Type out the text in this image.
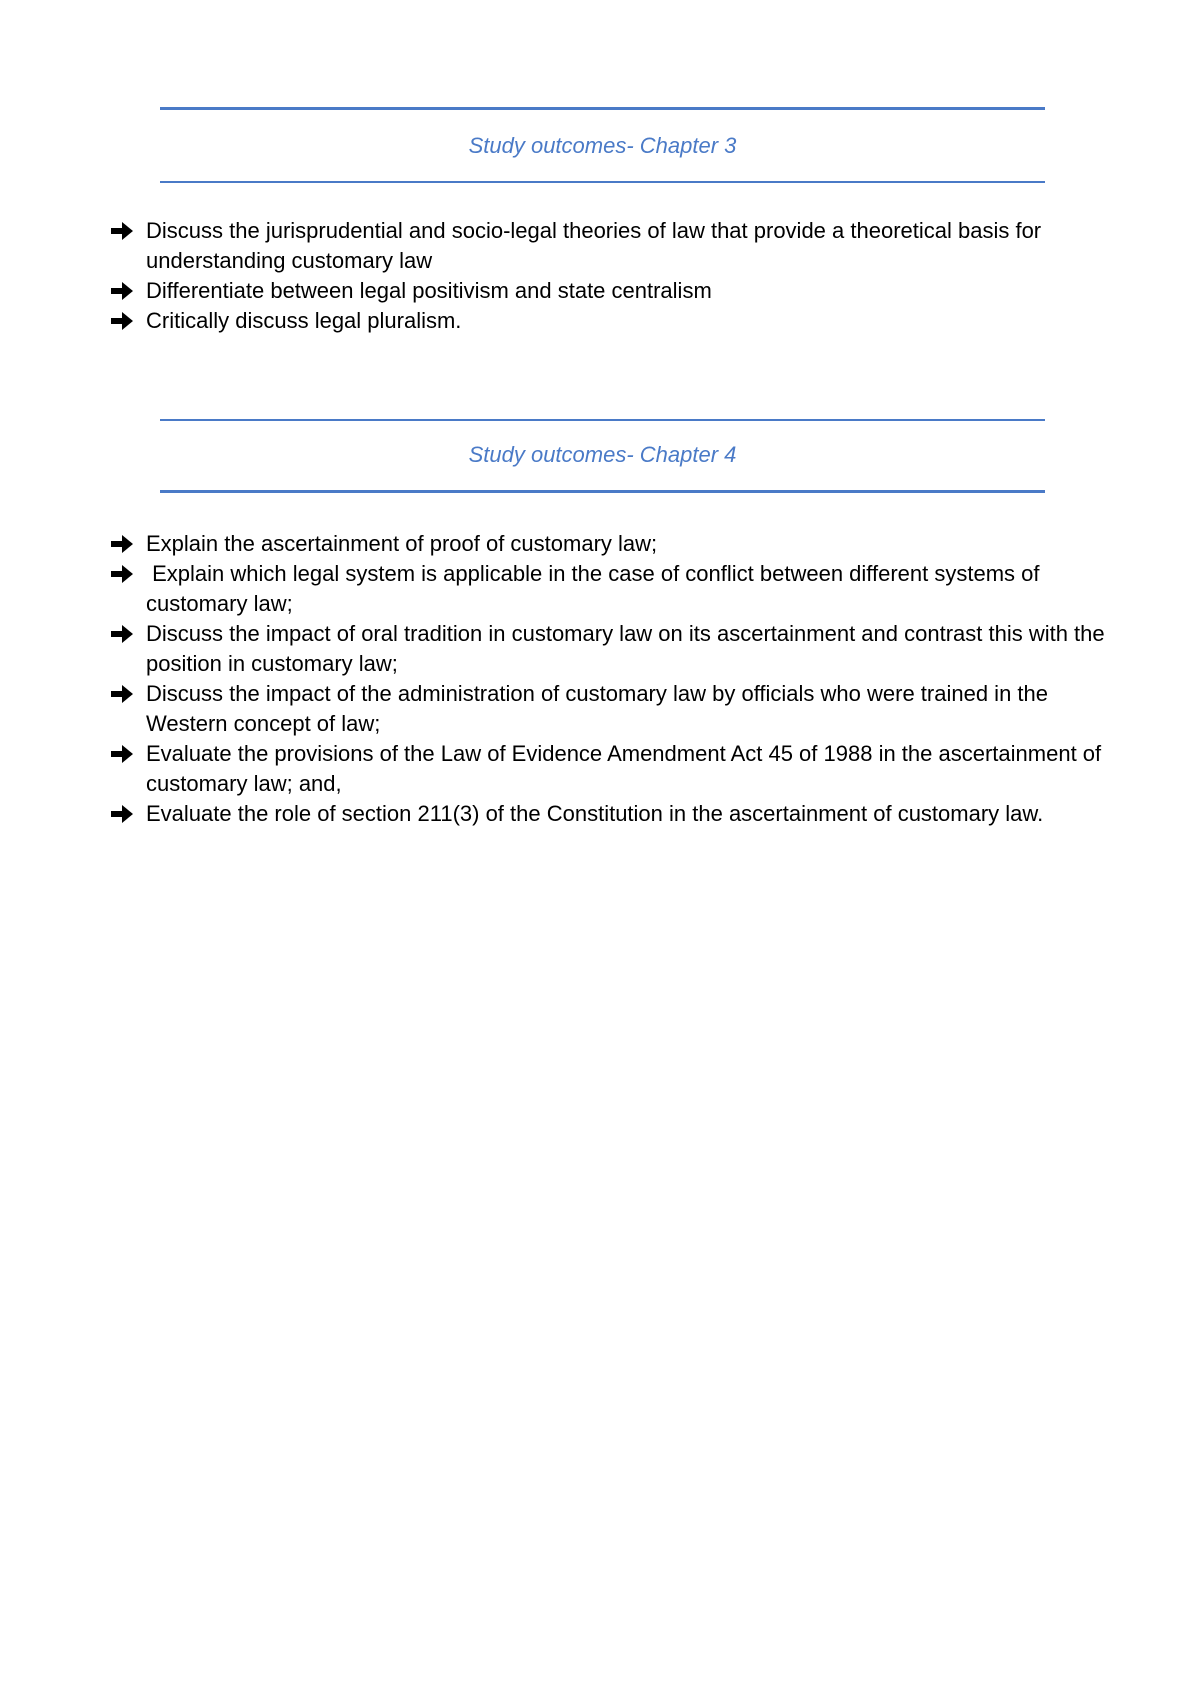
Study outcomes- Chapter 3

Discuss the jurisprudential and socio-legal theories of law that provide a theoretical basis for understanding customary law
Differentiate between legal positivism and state centralism
Critically discuss legal pluralism.

Study outcomes- Chapter 4

Explain the ascertainment of proof of customary law;
Explain which legal system is applicable in the case of conflict between different systems of customary law;
Discuss the impact of oral tradition in customary law on its ascertainment and contrast this with the position in customary law;
Discuss the impact of the administration of customary law by officials who were trained in the Western concept of law;
Evaluate the provisions of the Law of Evidence Amendment Act 45 of 1988 in the ascertainment of customary law; and,
Evaluate the role of section 211(3) of the Constitution in the ascertainment of customary law.
